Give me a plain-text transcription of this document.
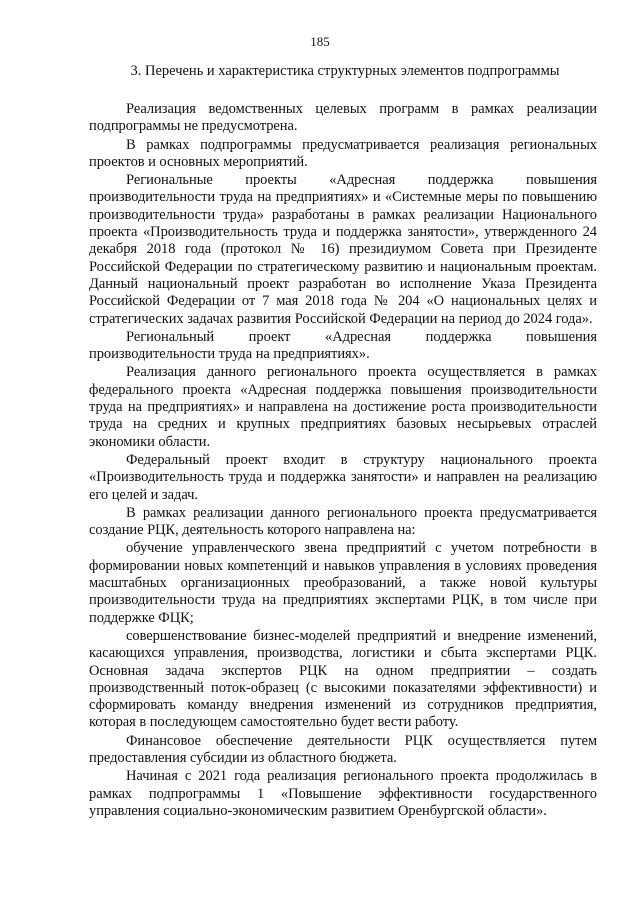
185
3. Перечень и характеристика структурных элементов подпрограммы

Реализация ведомственных целевых программ в рамках реализации подпрограммы не предусмотрена.

В рамках подпрограммы предусматривается реализация региональных проектов и основных мероприятий.

Региональные проекты «Адресная поддержка повышения производительности труда на предприятиях» и «Системные меры по повышению производительности труда» разработаны в рамках реализации Национального проекта «Производительность труда и поддержка занятости», утвержденного 24 декабря 2018 года (протокол № 16) президиумом Совета при Президенте Российской Федерации по стратегическому развитию и национальным проектам. Данный национальный проект разработан во исполнение Указа Президента Российской Федерации от 7 мая 2018 года № 204 «О национальных целях и стратегических задачах развития Российской Федерации на период до 2024 года».

Региональный проект «Адресная поддержка повышения производительности труда на предприятиях».

Реализация данного регионального проекта осуществляется в рамках федерального проекта «Адресная поддержка повышения производительности труда на предприятиях» и направлена на достижение роста производительности труда на средних и крупных предприятиях базовых несырьевых отраслей экономики области.

Федеральный проект входит в структуру национального проекта «Производительность труда и поддержка занятости» и направлен на реализацию его целей и задач.

В рамках реализации данного регионального проекта предусматривается создание РЦК, деятельность которого направлена на:

обучение управленческого звена предприятий с учетом потребности в формировании новых компетенций и навыков управления в условиях проведения масштабных организационных преобразований, а также новой культуры производительности труда на предприятиях экспертами РЦК, в том числе при поддержке ФЦК;

совершенствование бизнес-моделей предприятий и внедрение изменений, касающихся управления, производства, логистики и сбыта экспертами РЦК. Основная задача экспертов РЦК на одном предприятии – создать производственный поток-образец (с высокими показателями эффективности) и сформировать команду внедрения изменений из сотрудников предприятия, которая в последующем самостоятельно будет вести работу.

Финансовое обеспечение деятельности РЦК осуществляется путем предоставления субсидии из областного бюджета.

Начиная с 2021 года реализация регионального проекта продолжилась в рамках подпрограммы 1 «Повышение эффективности государственного управления социально-экономическим развитием Оренбургской области».
